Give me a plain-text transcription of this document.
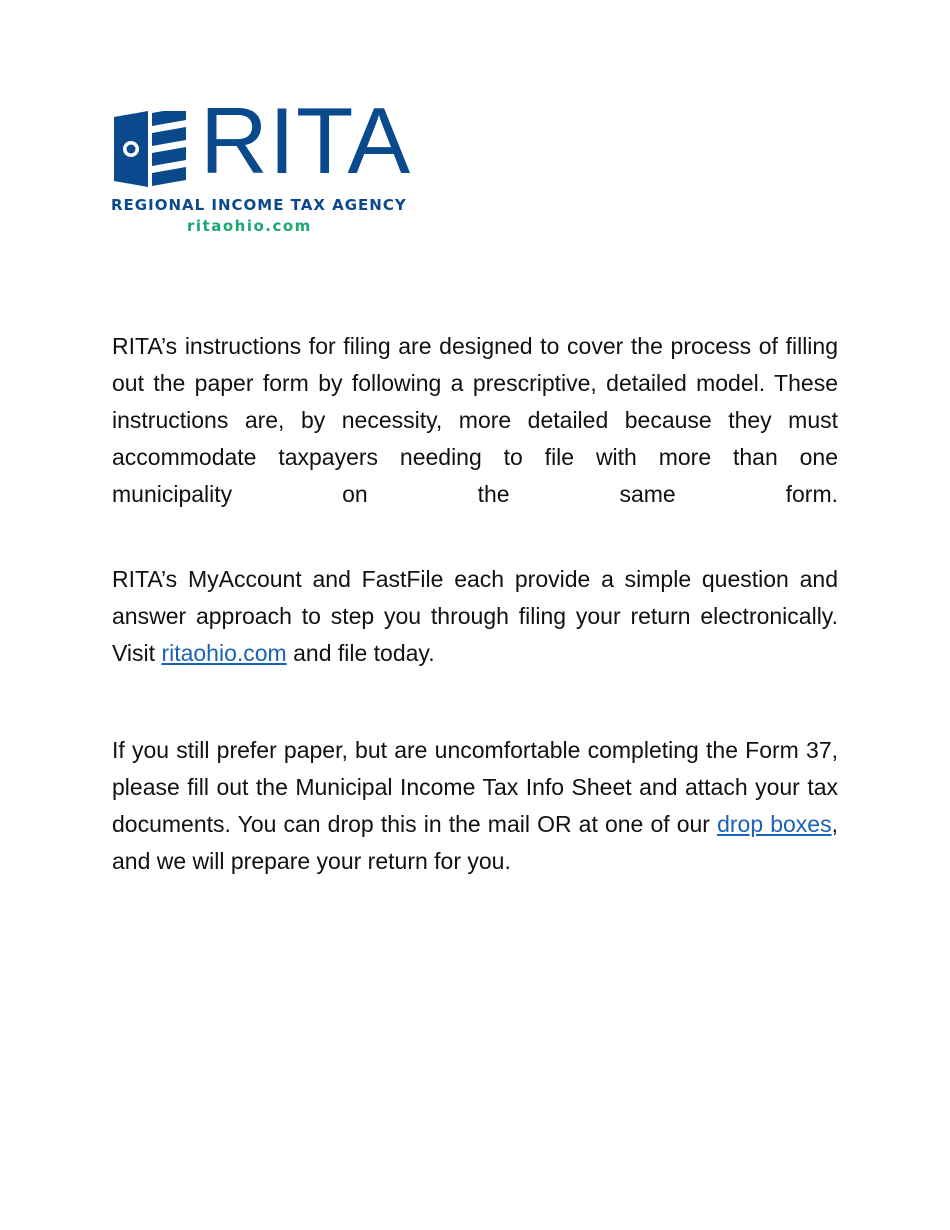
RITA
REGIONAL INCOME TAX AGENCY
ritaohio.com

RITA’s instructions for filing are designed to cover the process of filling out the paper form by following a prescriptive, detailed model. These instructions are, by necessity, more detailed because they must accommodate taxpayers needing to file with more than one municipality on the same form.

RITA’s MyAccount and FastFile each provide a simple question and answer approach to step you through filing your return electronically. Visit ritaohio.com and file today.

If you still prefer paper, but are uncomfortable completing the Form 37, please fill out the Municipal Income Tax Info Sheet and attach your tax documents. You can drop this in the mail OR at one of our drop boxes, and we will prepare your return for you.
